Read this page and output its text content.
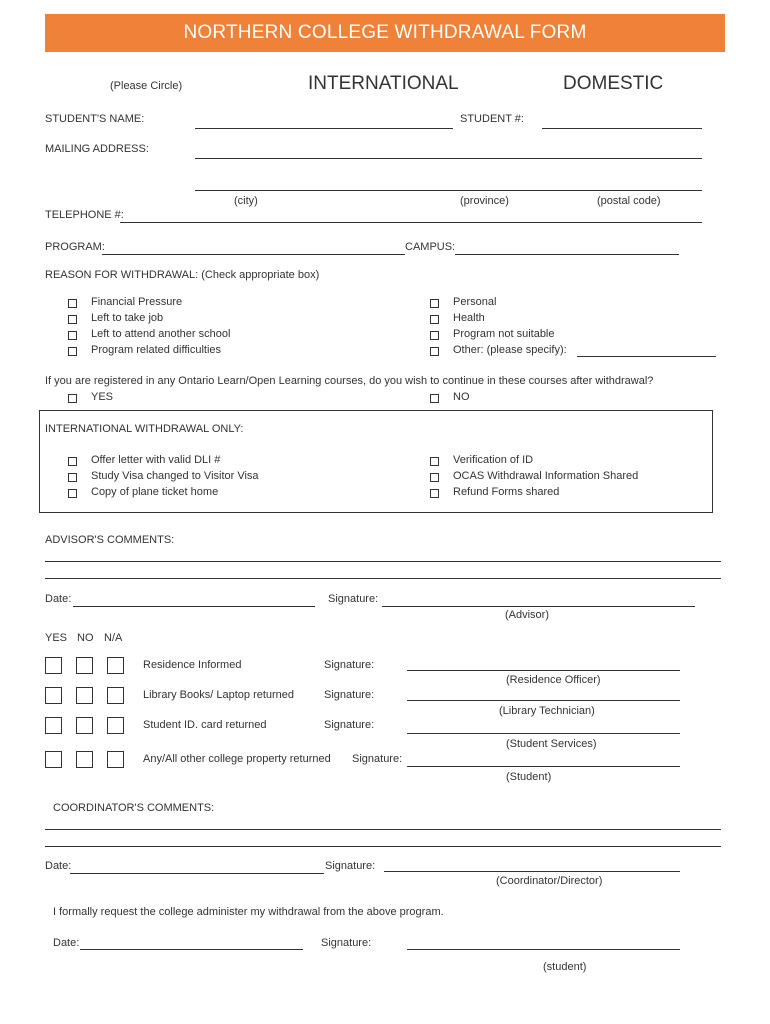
NORTHERN COLLEGE WITHDRAWAL FORM
(Please Circle)	INTERNATIONAL	DOMESTIC
STUDENT'S NAME:	STUDENT #:
MAILING ADDRESS:
(city)	(province)	(postal code)
TELEPHONE #:
PROGRAM:	CAMPUS:
REASON FOR WITHDRAWAL: (Check appropriate box)
Financial Pressure
Left to take job
Left to attend another school
Program related difficulties
Personal
Health
Program not suitable
Other: (please specify):
If you are registered in any Ontario Learn/Open Learning courses, do you wish to continue in these courses after withdrawal?
YES	NO
INTERNATIONAL WITHDRAWAL ONLY:
Offer letter with valid DLI #
Study Visa changed to Visitor Visa
Copy of plane ticket home
Verification of ID
OCAS Withdrawal Information Shared
Refund Forms shared
ADVISOR'S COMMENTS:
Date:	Signature:
(Advisor)
YES NO N/A
Residence Informed	Signature:
(Residence Officer)
Library Books/ Laptop returned	Signature:
(Library Technician)
Student ID. card returned	Signature:
(Student Services)
Any/All other college property returned Signature:
(Student)
COORDINATOR'S COMMENTS:
Date:	Signature:
(Coordinator/Director)
I formally request the college administer my withdrawal from the above program.
Date:	Signature:
(student)
